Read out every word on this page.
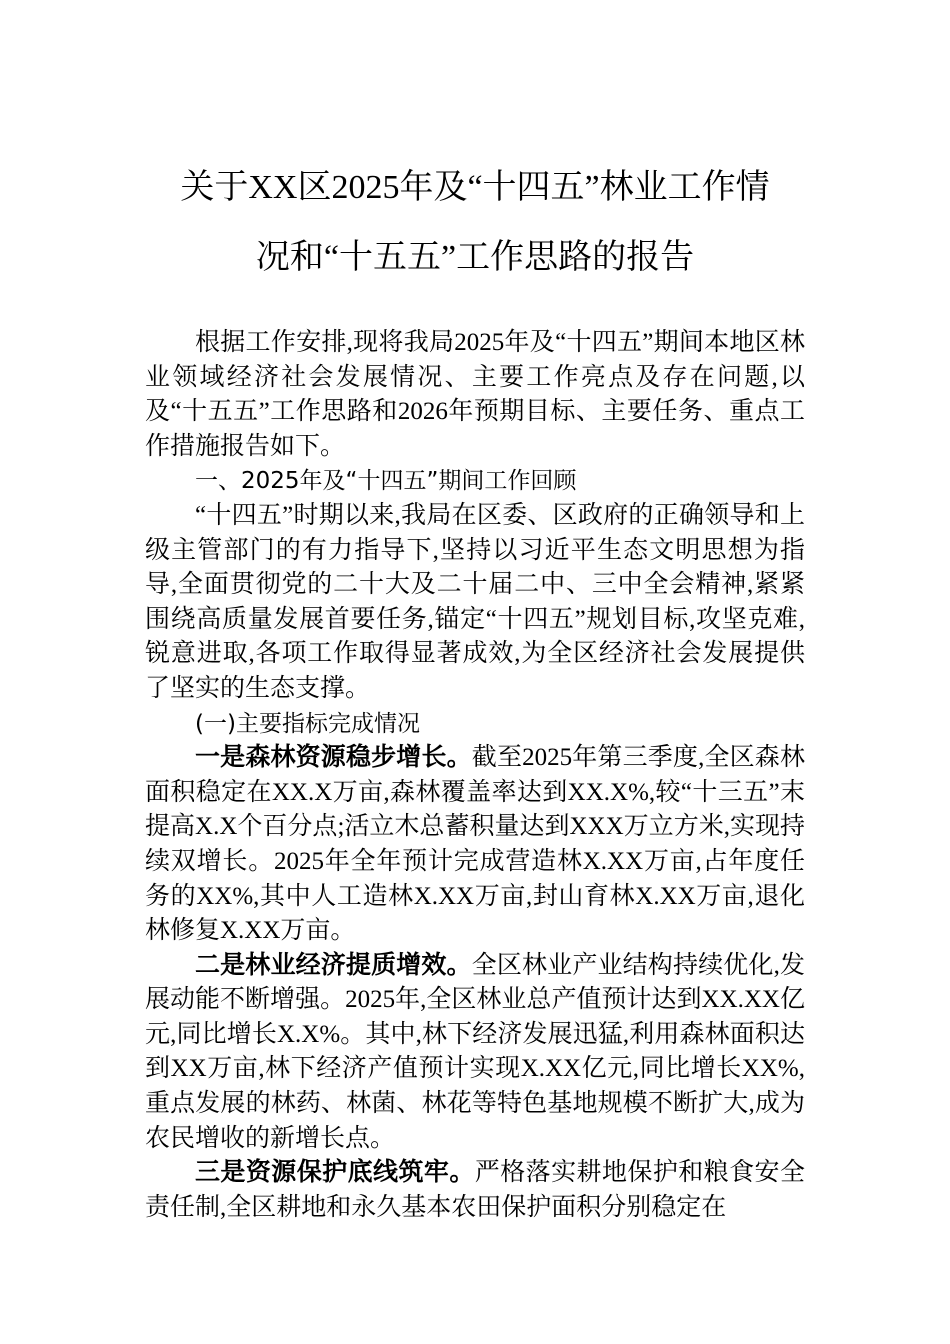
关于XX区2025年及“十四五”林业工作情
况和“十五五”工作思路的报告

根据工作安排,现将我局2025年及“十四五”期间本地区林业领域经济社会发展情况、主要工作亮点及存在问题,以及“十五五”工作思路和2026年预期目标、主要任务、重点工作措施报告如下。

一、2025年及“十四五”期间工作回顾

“十四五”时期以来,我局在区委、区政府的正确领导和上级主管部门的有力指导下,坚持以习近平生态文明思想为指导,全面贯彻党的二十大及二十届二中、三中全会精神,紧紧围绕高质量发展首要任务,锚定“十四五”规划目标,攻坚克难,锐意进取,各项工作取得显著成效,为全区经济社会发展提供了坚实的生态支撑。

(一)主要指标完成情况

一是森林资源稳步增长。截至2025年第三季度,全区森林面积稳定在XX.X万亩,森林覆盖率达到XX.X%,较“十三五”末提高X.X个百分点;活立木总蓄积量达到XXX万立方米,实现持续双增长。2025年全年预计完成营造林X.XX万亩,占年度任务的XX%,其中人工造林X.XX万亩,封山育林X.XX万亩,退化林修复X.XX万亩。

二是林业经济提质增效。全区林业产业结构持续优化,发展动能不断增强。2025年,全区林业总产值预计达到XX.XX亿元,同比增长X.X%。其中,林下经济发展迅猛,利用森林面积达到XX万亩,林下经济产值预计实现X.XX亿元,同比增长XX%,重点发展的林药、林菌、林花等特色基地规模不断扩大,成为农民增收的新增长点。

三是资源保护底线筑牢。严格落实耕地保护和粮食安全责任制,全区耕地和永久基本农田保护面积分别稳定在
